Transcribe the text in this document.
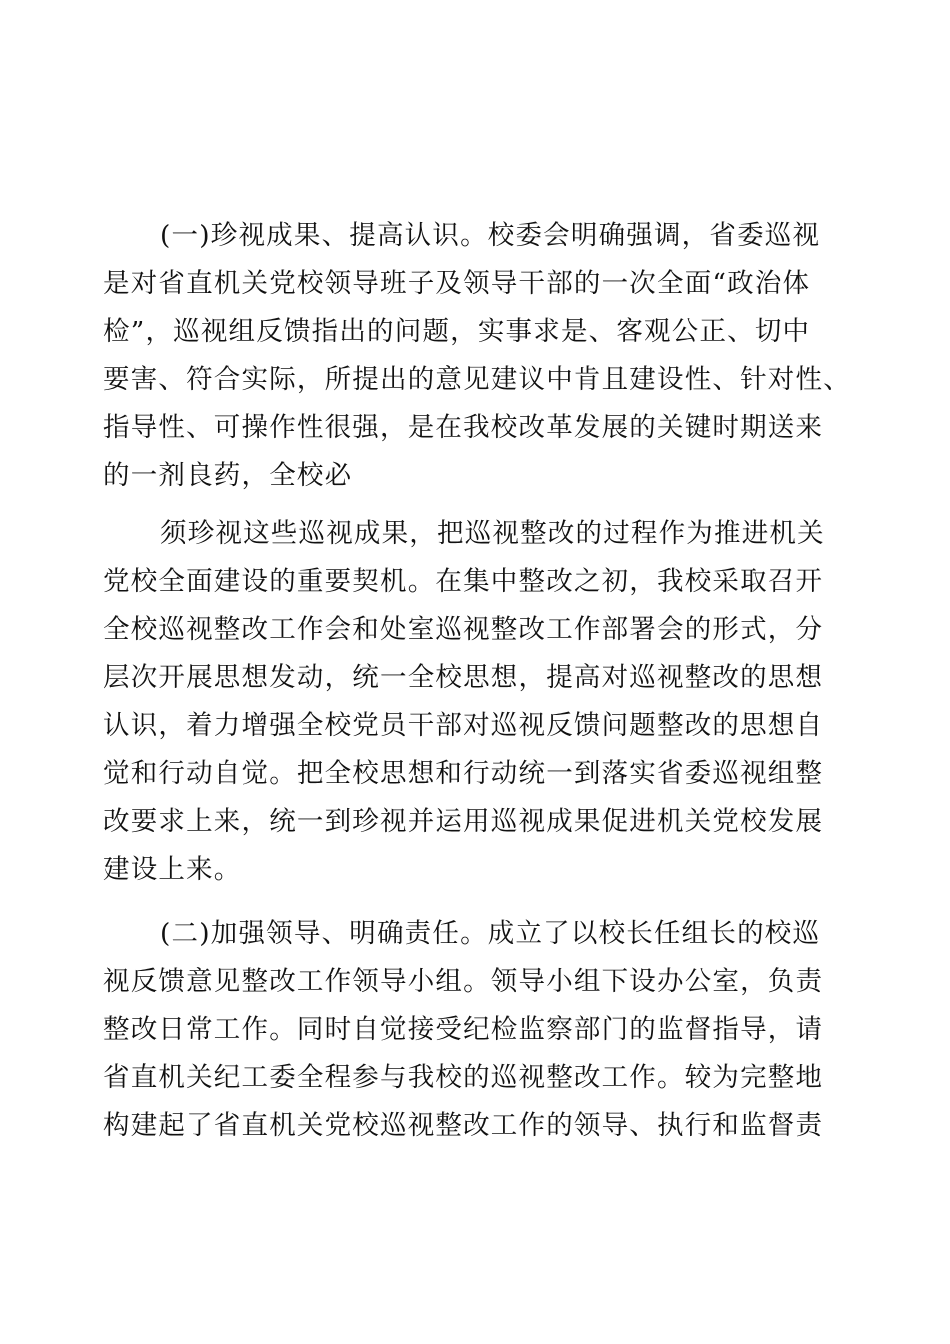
(一)珍视成果、提高认识。校委会明确强调，省委巡视
是对省直机关党校领导班子及领导干部的一次全面“政治体
检”，巡视组反馈指出的问题，实事求是、客观公正、切中
要害、符合实际，所提出的意见建议中肯且建设性、针对性、
指导性、可操作性很强，是在我校改革发展的关键时期送来
的一剂良药，全校必
须珍视这些巡视成果，把巡视整改的过程作为推进机关
党校全面建设的重要契机。在集中整改之初，我校采取召开
全校巡视整改工作会和处室巡视整改工作部署会的形式，分
层次开展思想发动，统一全校思想，提高对巡视整改的思想
认识，着力增强全校党员干部对巡视反馈问题整改的思想自
觉和行动自觉。把全校思想和行动统一到落实省委巡视组整
改要求上来，统一到珍视并运用巡视成果促进机关党校发展
建设上来。
(二)加强领导、明确责任。成立了以校长任组长的校巡
视反馈意见整改工作领导小组。领导小组下设办公室，负责
整改日常工作。同时自觉接受纪检监察部门的监督指导，请
省直机关纪工委全程参与我校的巡视整改工作。较为完整地
构建起了省直机关党校巡视整改工作的领导、执行和监督责
